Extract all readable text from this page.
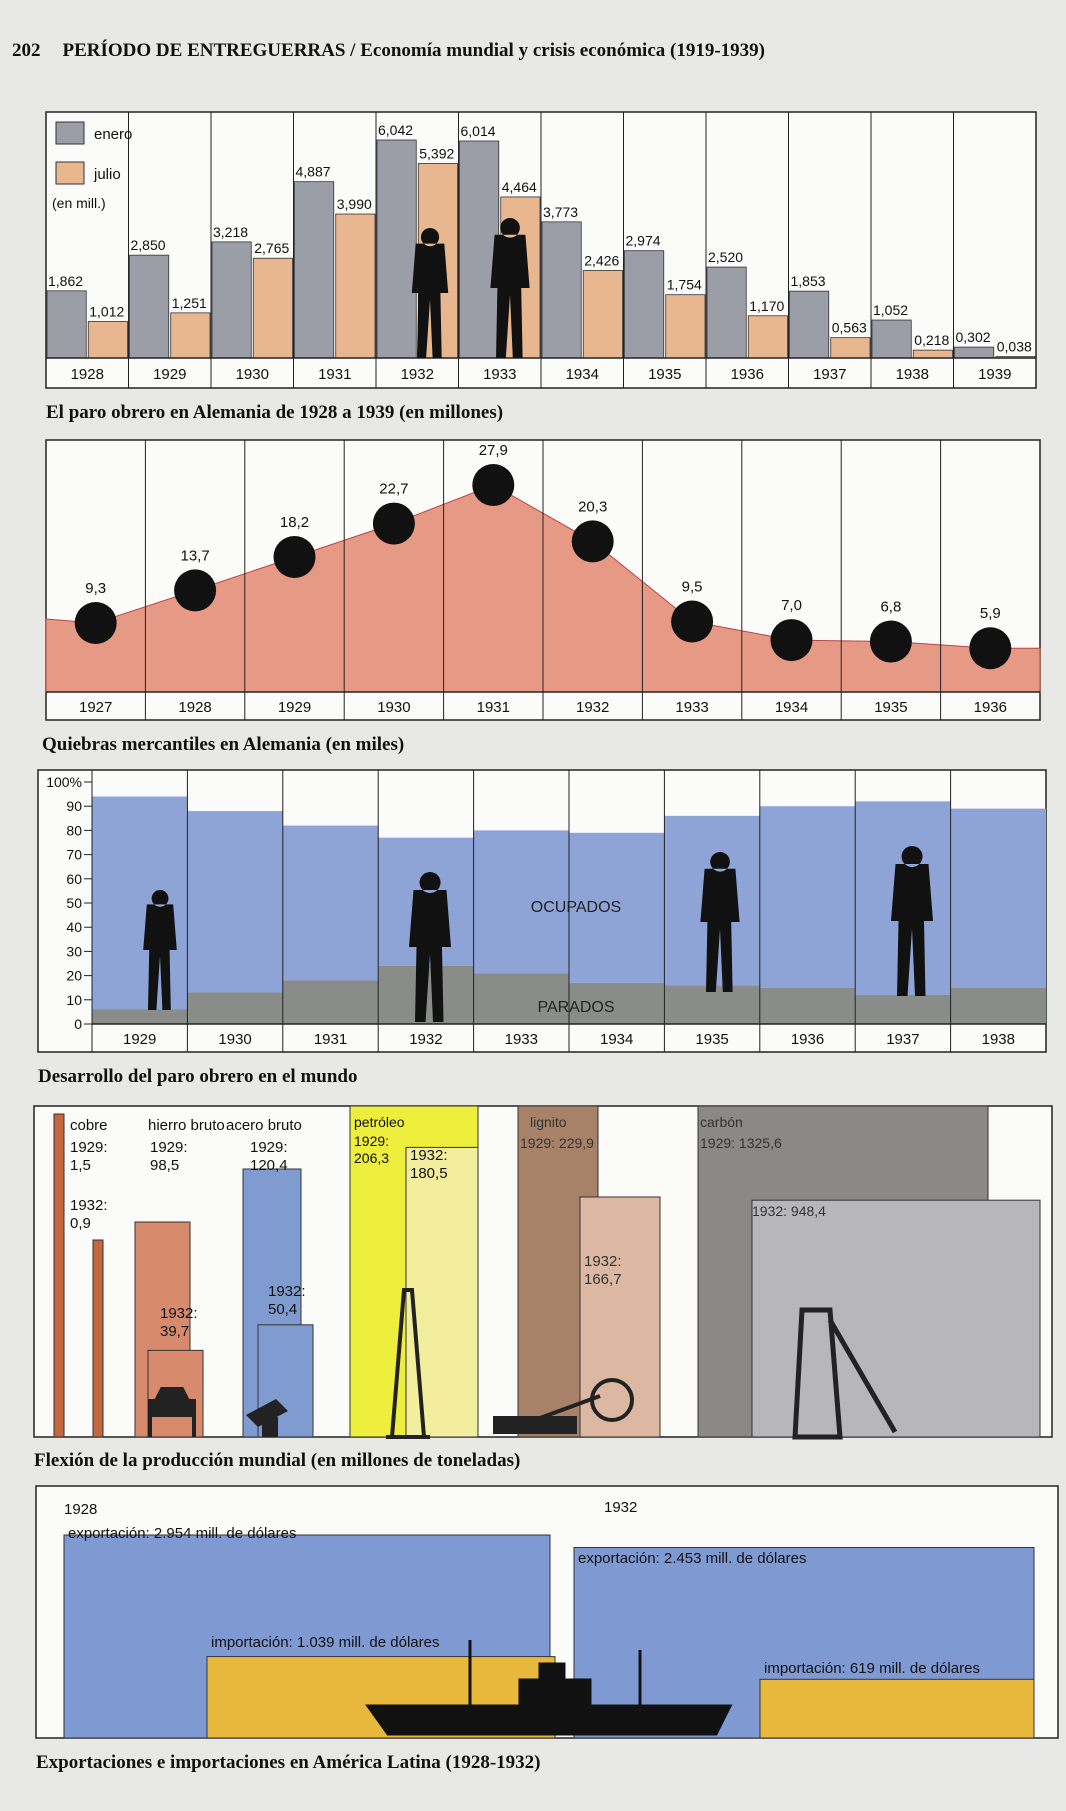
202 PERÍODO DE ENTREGUERRAS / Economía mundial y crisis económica (1919-1939)
1,862
1,012
1928
2,850
1,251
1929
3,218
2,765
1930
4,887
3,990
1931
6,042
5,392
1932
6,014
4,464
1933
3,773
2,426
1934
2,974
1,754
1935
2,520
1,170
1936
1,853
0,563
1937
1,052
0,218
1938
0,302
0,038
1939
enero
julio
(en mill.)
El paro obrero en Alemania de 1928 a 1939 (en millones)
9,3
1927
13,7
1928
18,2
1929
22,7
1930
27,9
1931
20,3
1932
9,5
1933
7,0
1934
6,8
1935
5,9
1936
Quiebras mercantiles en Alemania (en miles)
0
10
20
30
40
50
60
70
80
90
100%
1929	1930	1931	1932	1933	1934	1935	1936	1937	1938
OCUPADOS
PARADOS
Desarrollo del paro obrero en el mundo
cobre	hierro bruto acero bruto	petróleo	lignito	carbón
1929: 1,5
1932: 0,9
1929: 98,5
1932: 39,7
1929: 120,4
1932: 50,4
1929: 206,3 1932: 180,5
1929: 229,9
1932: 166,7
1929: 1325,6
1932: 948,4
Flexión de la producción mundial (en millones de toneladas)
1928	1932
exportación: 2.954 mill. de dólares
importación: 1.039 mill. de dólares
exportación: 2.453 mill. de dólares
importación: 619 mill. de dólares
Exportaciones e importaciones en América Latina (1928-1932)
